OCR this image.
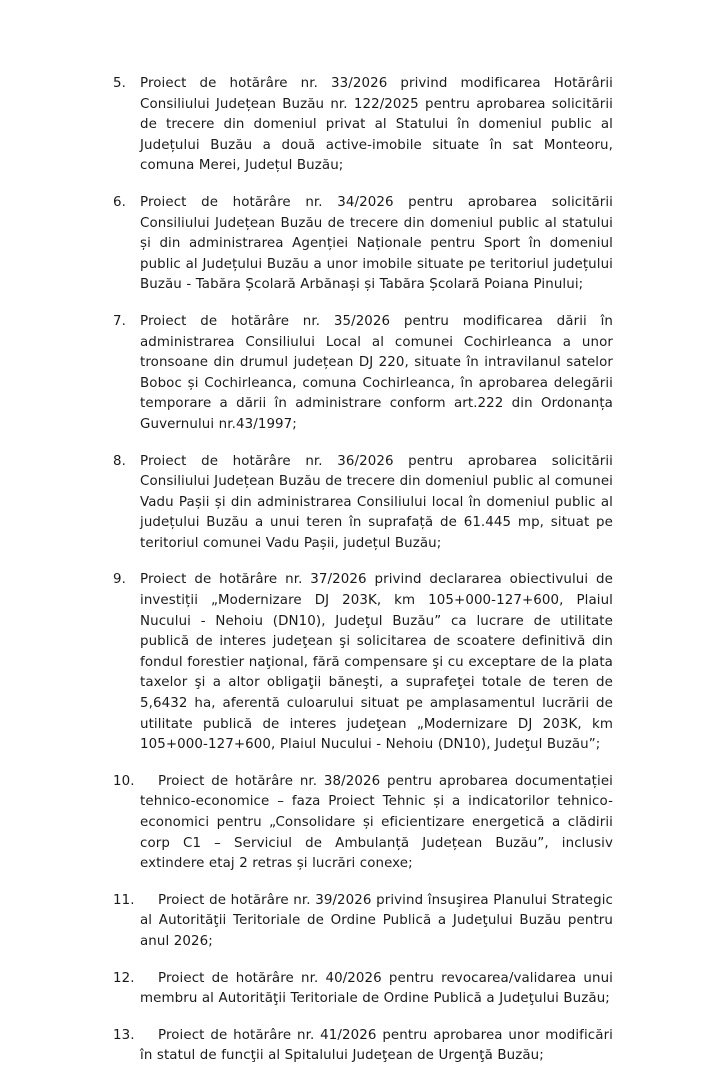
5.	Proiect de hotărâre nr. 33/2026 privind modificarea Hotărârii Consiliului Județean Buzău nr. 122/2025 pentru aprobarea solicitării de trecere din domeniul privat al Statului în domeniul public al Județului Buzău a două active-imobile situate în sat Monteoru, comuna Merei, Județul Buzău;
6.	Proiect de hotărâre nr. 34/2026 pentru aprobarea solicitării Consiliului Județean Buzău de trecere din domeniul public al statului și din administrarea Agenției Naționale pentru Sport în domeniul public al Județului Buzău a unor imobile situate pe teritoriul județului Buzău - Tabăra Școlară Arbănași și Tabăra Școlară Poiana Pinului;
7.	Proiect de hotărâre nr. 35/2026 pentru modificarea dării în administrarea Consiliului Local al comunei Cochirleanca a unor tronsoane din drumul județean DJ 220, situate în intravilanul satelor Boboc și Cochirleanca, comuna Cochirleanca, în aprobarea delegării temporare a dării în administrare conform art.222 din Ordonanța Guvernului nr.43/1997;
8.	Proiect de hotărâre nr. 36/2026 pentru aprobarea solicitării Consiliului Județean Buzău de trecere din domeniul public al comunei Vadu Pașii și din administrarea Consiliului local în domeniul public al județului Buzău a unui teren în suprafață de 61.445 mp, situat pe teritoriul comunei Vadu Pașii, județul Buzău;
9.	Proiect de hotărâre nr. 37/2026 privind declararea obiectivului de investiții „Modernizare DJ 203K, km 105+000-127+600, Plaiul Nucului - Nehoiu (DN10), Judeţul Buzău” ca lucrare de utilitate publică de interes judeţean şi solicitarea de scoatere definitivă din fondul forestier naţional, fără compensare şi cu exceptare de la plata taxelor şi a altor obligaţii băneşti, a suprafeţei totale de teren de 5,6432 ha, aferentă culoarului situat pe amplasamentul lucrării de utilitate publică de interes judeţean „Modernizare DJ 203K, km 105+000-127+600, Plaiul Nucului - Nehoiu (DN10), Judeţul Buzău”;
10.	Proiect de hotărâre nr. 38/2026 pentru aprobarea documentației tehnico-economice – faza Proiect Tehnic și a indicatorilor tehnico-economici pentru „Consolidare și eficientizare energetică a clădirii corp C1 – Serviciul de Ambulanță Județean Buzău”, inclusiv extindere etaj 2 retras și lucrări conexe;
11.	Proiect de hotărâre nr. 39/2026 privind însuşirea Planului Strategic al Autorităţii Teritoriale de Ordine Publică a Judeţului Buzău pentru anul 2026;
12.	Proiect de hotărâre nr. 40/2026 pentru revocarea/validarea unui membru al Autorităţii Teritoriale de Ordine Publică a Judeţului Buzău;
13.	Proiect de hotărâre nr. 41/2026 pentru aprobarea unor modificări în statul de funcţii al Spitalului Judeţean de Urgenţă Buzău;
